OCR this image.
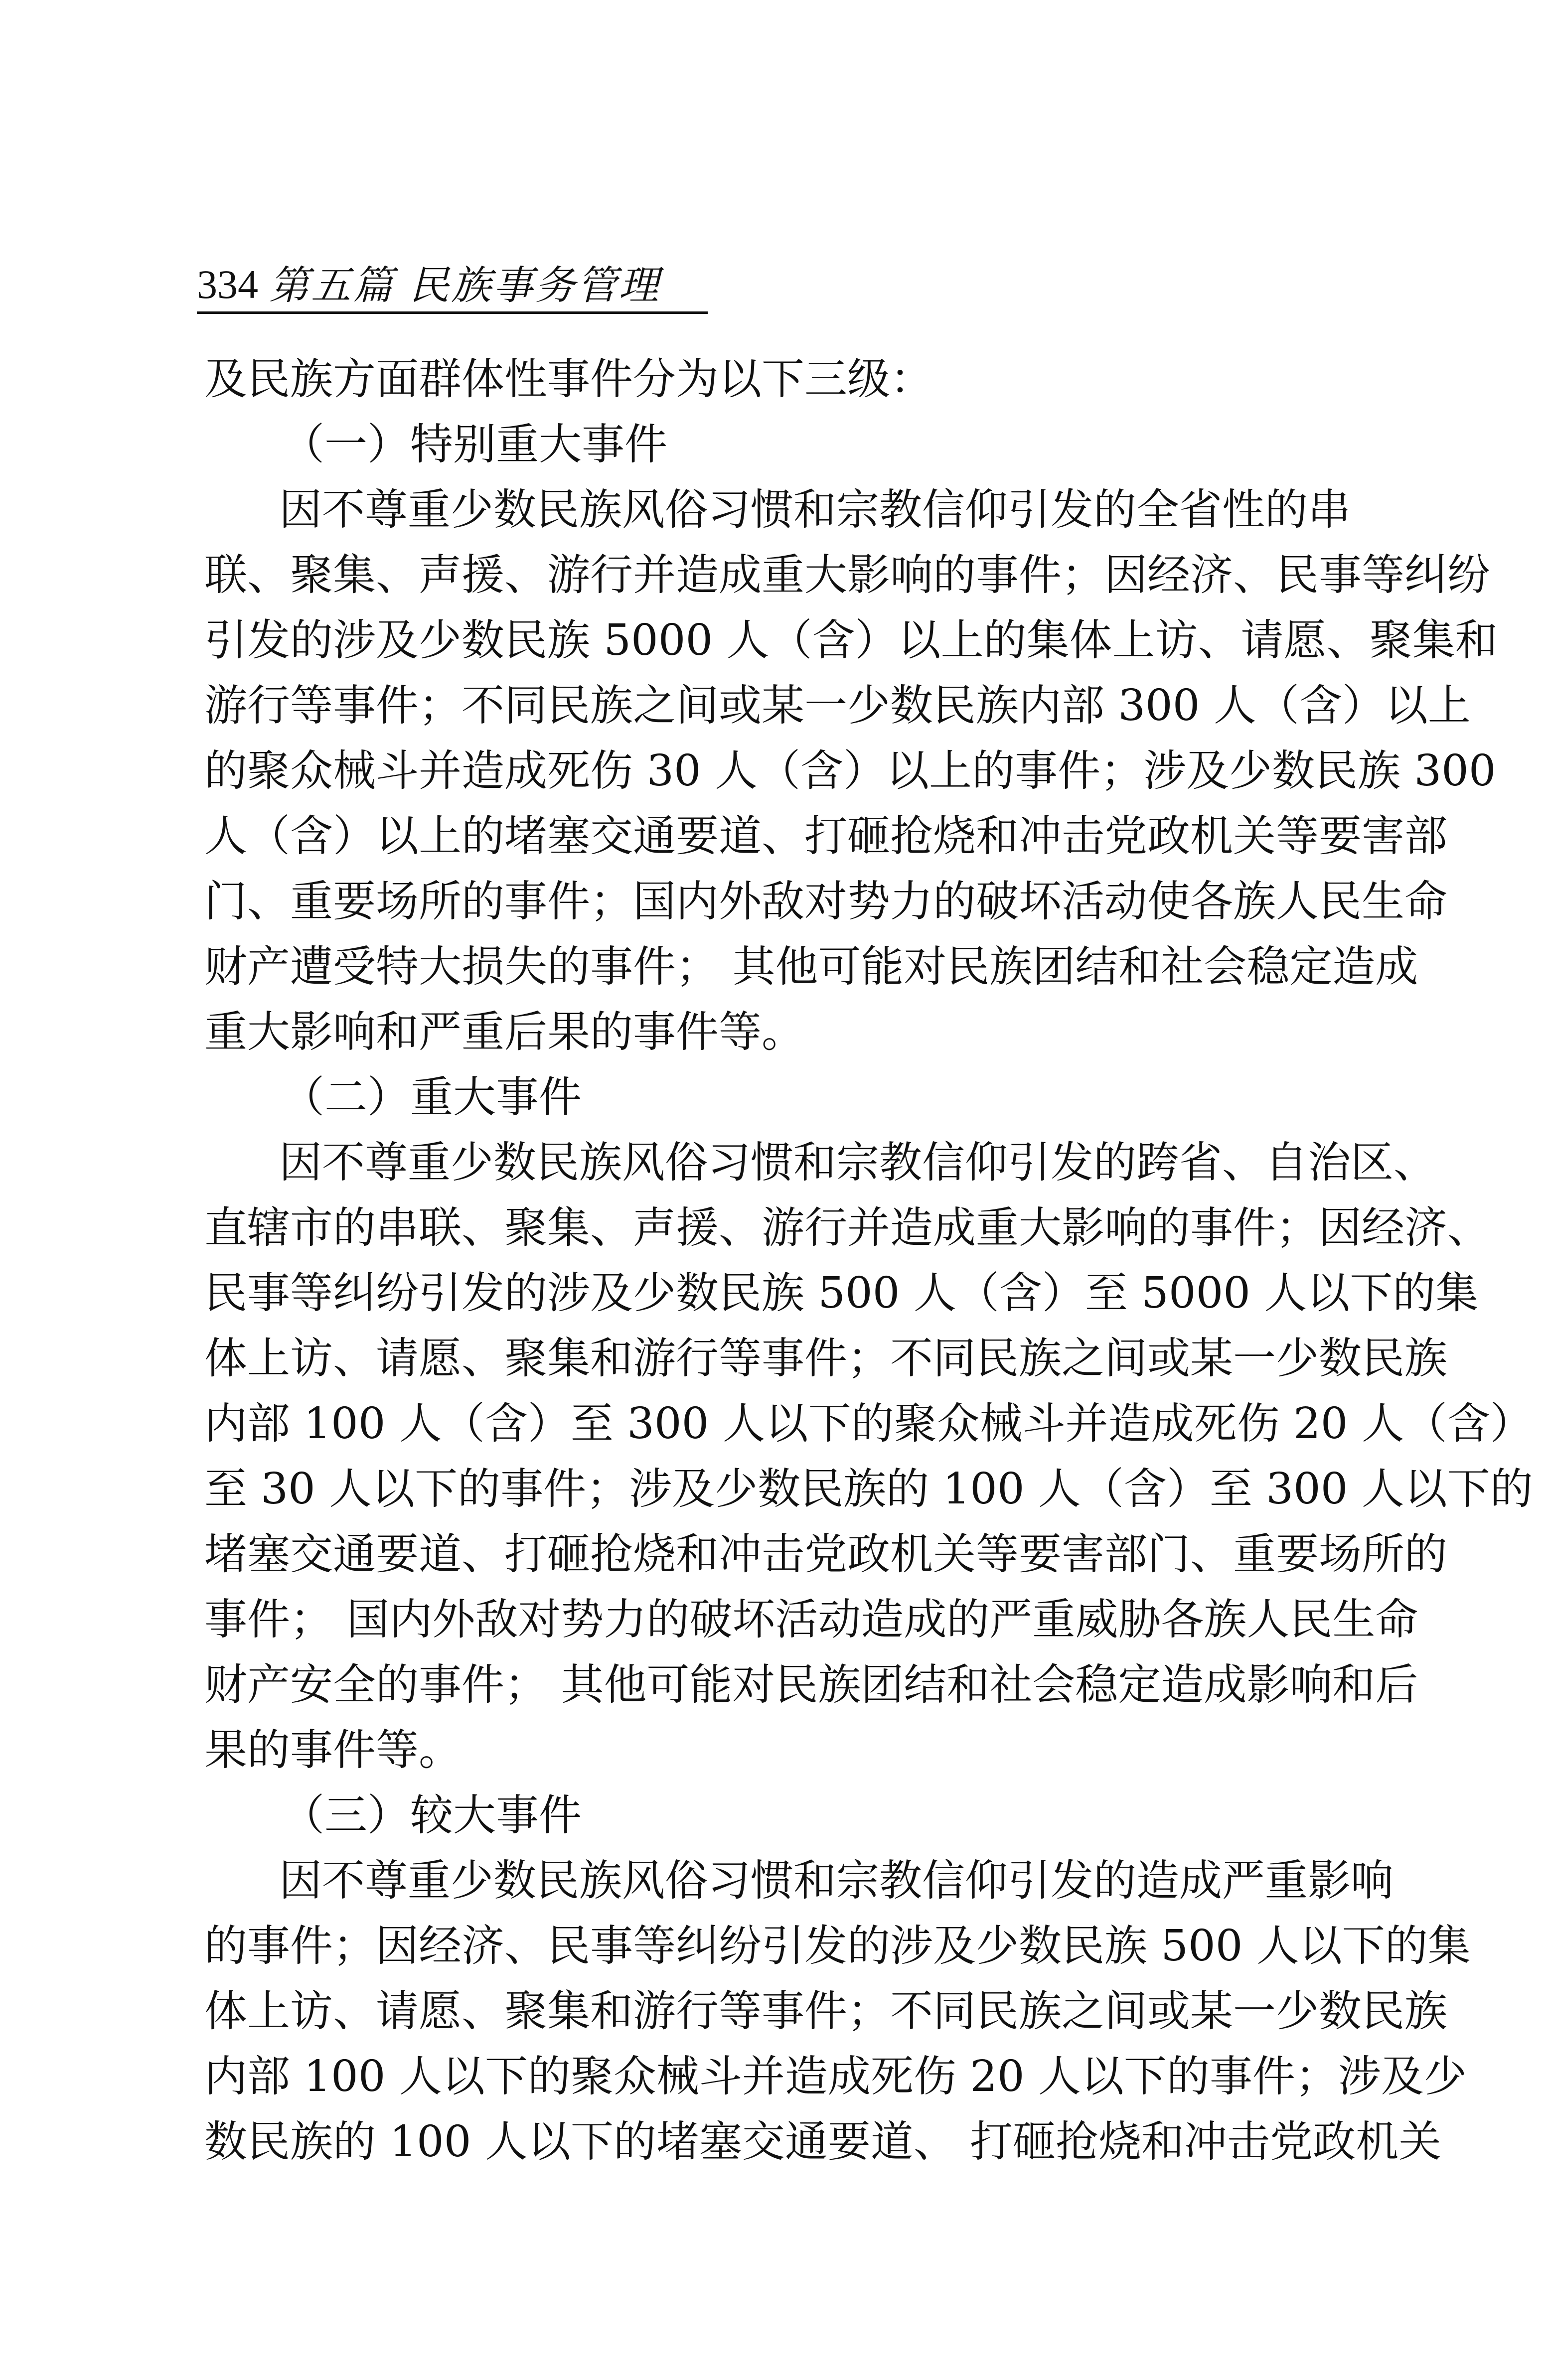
334 第五篇 民族事务管理
及民族方面群体性事件分为以下三级：
（一）特别重大事件
因不尊重少数民族风俗习惯和宗教信仰引发的全省性的串
联、聚集、声援、游行并造成重大影响的事件；因经济、民事等纠纷
引发的涉及少数民族 5000 人（含）以上的集体上访、请愿、聚集和
游行等事件；不同民族之间或某一少数民族内部 300 人（含）以上
的聚众械斗并造成死伤 30 人（含）以上的事件；涉及少数民族 300
人（含）以上的堵塞交通要道、打砸抢烧和冲击党政机关等要害部
门、重要场所的事件；国内外敌对势力的破坏活动使各族人民生命
财产遭受特大损失的事件； 其他可能对民族团结和社会稳定造成
重大影响和严重后果的事件等。
（二）重大事件
因不尊重少数民族风俗习惯和宗教信仰引发的跨省、自治区、
直辖市的串联、聚集、声援、游行并造成重大影响的事件；因经济、
民事等纠纷引发的涉及少数民族 500 人（含）至 5000 人以下的集
体上访、请愿、聚集和游行等事件；不同民族之间或某一少数民族
内部 100 人（含）至 300 人以下的聚众械斗并造成死伤 20 人（含）
至 30 人以下的事件；涉及少数民族的 100 人（含）至 300 人以下的
堵塞交通要道、打砸抢烧和冲击党政机关等要害部门、重要场所的
事件； 国内外敌对势力的破坏活动造成的严重威胁各族人民生命
财产安全的事件； 其他可能对民族团结和社会稳定造成影响和后
果的事件等。
（三）较大事件
因不尊重少数民族风俗习惯和宗教信仰引发的造成严重影响
的事件；因经济、民事等纠纷引发的涉及少数民族 500 人以下的集
体上访、请愿、聚集和游行等事件；不同民族之间或某一少数民族
内部 100 人以下的聚众械斗并造成死伤 20 人以下的事件；涉及少
数民族的 100 人以下的堵塞交通要道、 打砸抢烧和冲击党政机关
